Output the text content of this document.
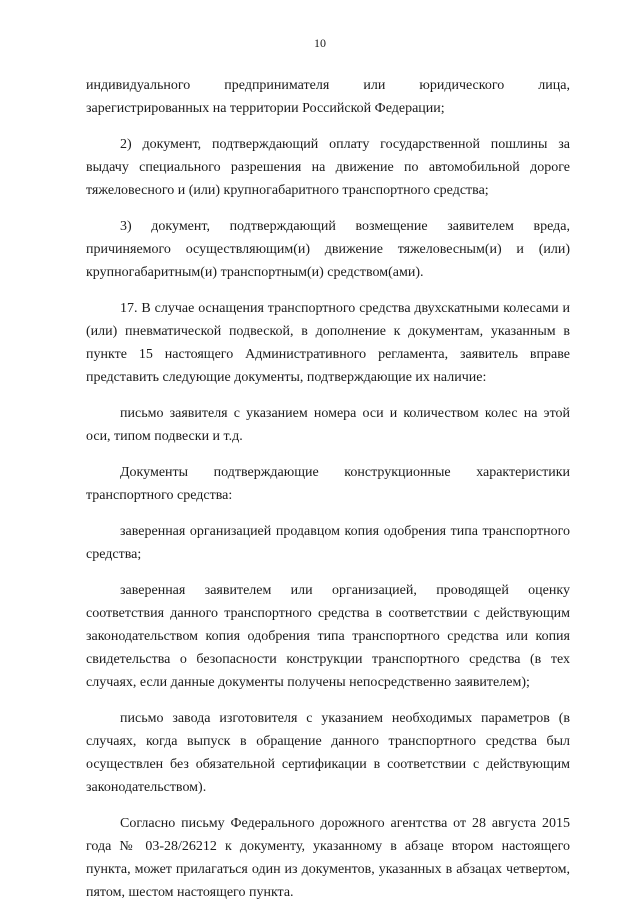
10

индивидуального предпринимателя или юридического лица, зарегистрированных на территории Российской Федерации;

2) документ, подтверждающий оплату государственной пошлины за выдачу специального разрешения на движение по автомобильной дороге тяжеловесного и (или) крупногабаритного транспортного средства;

3) документ, подтверждающий возмещение заявителем вреда, причиняемого осуществляющим(и) движение тяжеловесным(и) и (или) крупногабаритным(и) транспортным(и) средством(ами).

17. В случае оснащения транспортного средства двухскатными колесами и (или) пневматической подвеской, в дополнение к документам, указанным в пункте 15 настоящего Административного регламента, заявитель вправе представить следующие документы, подтверждающие их наличие:

письмо заявителя с указанием номера оси и количеством колес на этой оси, типом подвески и т.д.

Документы подтверждающие конструкционные характеристики транспортного средства:

заверенная организацией продавцом копия одобрения типа транспортного средства;

заверенная заявителем или организацией, проводящей оценку соответствия данного транспортного средства в соответствии с действующим законодательством копия одобрения типа транспортного средства или копия свидетельства о безопасности конструкции транспортного средства (в тех случаях, если данные документы получены непосредственно заявителем);

письмо завода изготовителя с указанием необходимых параметров (в случаях, когда выпуск в обращение данного транспортного средства был осуществлен без обязательной сертификации в соответствии с действующим законодательством).

Согласно письму Федерального дорожного агентства от 28 августа 2015 года № 03-28/26212 к документу, указанному в абзаце втором настоящего пункта, может прилагаться один из документов, указанных в абзацах четвертом, пятом, шестом настоящего пункта.
